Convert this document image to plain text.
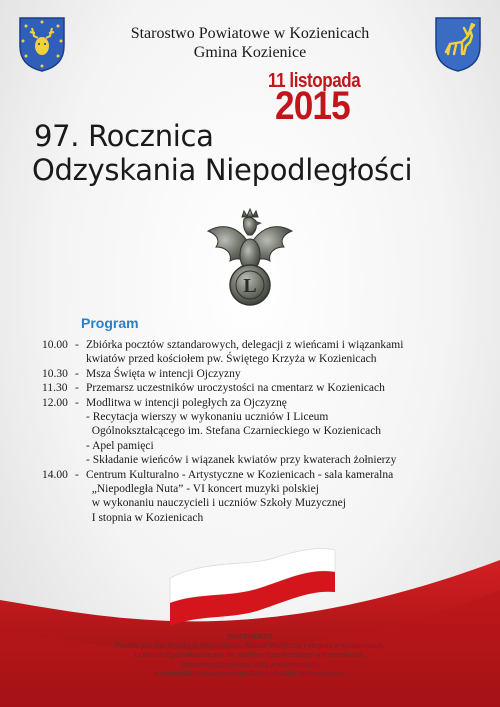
Starostwo Powiatowe w Kozienicach
Gmina Kozienice
11 listopada
2015
97. Rocznica
Odzyskania Niepodległości
L
Program
10.00 - Zbiórka pocztów sztandarowych, delegacji z wieńcami i wiązankami
kwiatów przed kościołem pw. Świętego Krzyża w Kozienicach
10.30 - Msza Święta w intencji Ojczyzny
11.30 - Przemarsz uczestników uroczystości na cmentarz w Kozienicach
12.00 - Modlitwa w intencji poległych za Ojczyznę
- Recytacja wierszy w wykonaniu uczniów I Liceum
Ogólnokształcącego im. Stefana Czarnieckiego w Kozienicach
- Apel pamięci
- Składanie wieńców i wiązanek kwiatów przy kwaterach żołnierzy
14.00 - Centrum Kulturalno - Artystyczne w Kozienicach - sala kameralna
„Niepodległa Nuta” - VI koncert muzyki polskiej
w wykonaniu nauczycieli i uczniów Szkoły Muzycznej
I stopnia w Kozienicach
PARTNERZY
Parafia pw. Św. Krzyża w Kozienicach, Szkoła Muzyczna I stopnia w Kozienicach,
I Liceum Ogólnokształcące im. Stefana Czarnieckiego w Kozienicach,
Jednostka Strzelecka 1412 w Kozienicach,
Kozienickie Stowarzyszenie Rekonstrukcji Historycznych
